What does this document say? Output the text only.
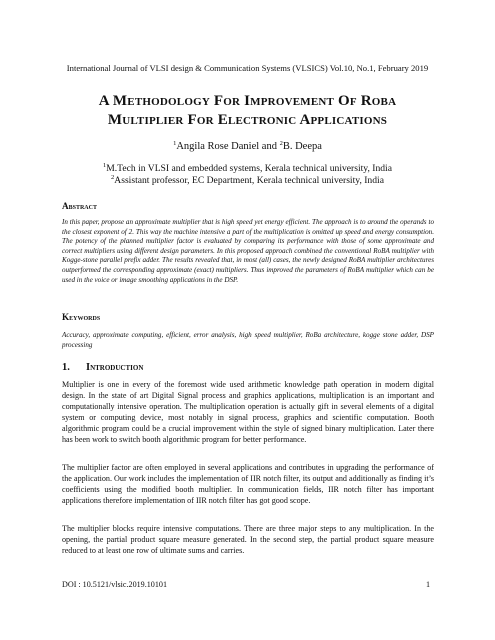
International Journal of VLSI design & Communication Systems (VLSICS) Vol.10, No.1, February 2019
A Methodology For Improvement Of Roba
Multiplier For Electronic Applications
$^1$Angila Rose Daniel and $^2$B. Deepa
$^1$M.Tech in VLSI and embedded systems, Kerala technical university, India
$^2$Assistant professor, EC Department, Kerala technical university, India
Abstract
In this paper, propose an approximate multiplier that is high speed yet energy efficient. The approach is to around the operands to the closest exponent of 2. This way the machine intensive a part of the multiplication is omitted up speed and energy consumption. The potency of the planned multiplier factor is evaluated by comparing its performance with those of some approximate and correct multipliers using different design parameters. In this proposed approach combined the conventional RoBA multiplier with Kogge-stone parallel prefix adder. The results revealed that, in most (all) cases, the newly designed RoBA multiplier architectures outperformed the corresponding approximate (exact) multipliers. Thus improved the parameters of RoBA multiplier which can be used in the voice or image smoothing applications in the DSP.
Keywords
Accuracy, approximate computing, efficient, error analysis, high speed multiplier, RoBa architecture, kogge stone adder, DSP processing
1. Introduction
Multiplier is one in every of the foremost wide used arithmetic knowledge path operation in modern digital design. In the state of art Digital Signal process and graphics applications, multiplication is an important and computationally intensive operation. The multiplication operation is actually gift in several elements of a digital system or computing device, most notably in signal process, graphics and scientific computation. Booth algorithmic program could be a crucial improvement within the style of signed binary multiplication. Later there has been work to switch booth algorithmic program for better performance.
The multiplier factor are often employed in several applications and contributes in upgrading the performance of the application. Our work includes the implementation of IIR notch filter, its output and additionally as finding it’s coefficients using the modified booth multiplier. In communication fields, IIR notch filter has important applications therefore implementation of IIR notch filter has got good scope.
The multiplier blocks require intensive computations. There are three major steps to any multiplication. In the opening, the partial product square measure generated. In the second step, the partial product square measure reduced to at least one row of ultimate sums and carries.
DOI : 10.5121/vlsic.2019.10101	1
